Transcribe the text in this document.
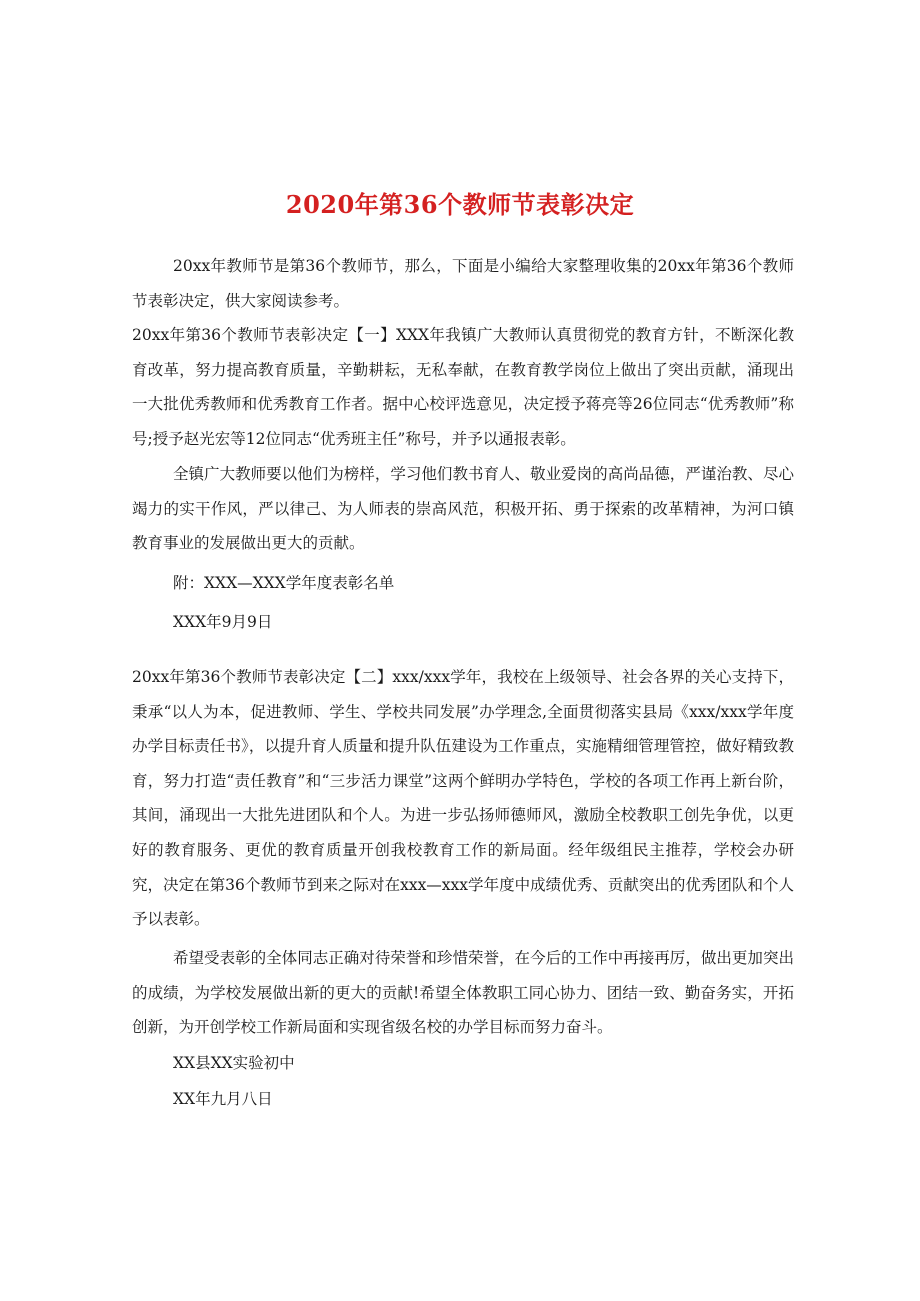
2020年第36个教师节表彰决定

20xx年教师节是第36个教师节，那么，下面是小编给大家整理收集的20xx年第36个教师节表彰决定，供大家阅读参考。

20xx年第36个教师节表彰决定【一】XXX年我镇广大教师认真贯彻党的教育方针，不断深化教育改革，努力提高教育质量，辛勤耕耘，无私奉献，在教育教学岗位上做出了突出贡献，涌现出一大批优秀教师和优秀教育工作者。据中心校评选意见，决定授予蒋亮等26位同志“优秀教师”称号;授予赵光宏等12位同志“优秀班主任”称号，并予以通报表彰。

全镇广大教师要以他们为榜样，学习他们教书育人、敬业爱岗的高尚品德，严谨治教、尽心竭力的实干作风，严以律己、为人师表的崇高风范，积极开拓、勇于探索的改革精神，为河口镇教育事业的发展做出更大的贡献。

附：XXX—XXX学年度表彰名单

XXX年9月9日

20xx年第36个教师节表彰决定【二】xxx/xxx学年，我校在上级领导、社会各界的关心支持下，秉承“以人为本，促进教师、学生、学校共同发展”办学理念,全面贯彻落实县局《xxx/xxx学年度办学目标责任书》，以提升育人质量和提升队伍建设为工作重点，实施精细管理管控，做好精致教育，努力打造“责任教育”和“三步活力课堂”这两个鲜明办学特色，学校的各项工作再上新台阶，其间，涌现出一大批先进团队和个人。为进一步弘扬师德师风，激励全校教职工创先争优，以更好的教育服务、更优的教育质量开创我校教育工作的新局面。经年级组民主推荐，学校会办研究，决定在第36个教师节到来之际对在xxx—xxx学年度中成绩优秀、贡献突出的优秀团队和个人予以表彰。

希望受表彰的全体同志正确对待荣誉和珍惜荣誉，在今后的工作中再接再厉，做出更加突出的成绩，为学校发展做出新的更大的贡献!希望全体教职工同心协力、团结一致、勤奋务实，开拓创新，为开创学校工作新局面和实现省级名校的办学目标而努力奋斗。

XX县XX实验初中

XX年九月八日
